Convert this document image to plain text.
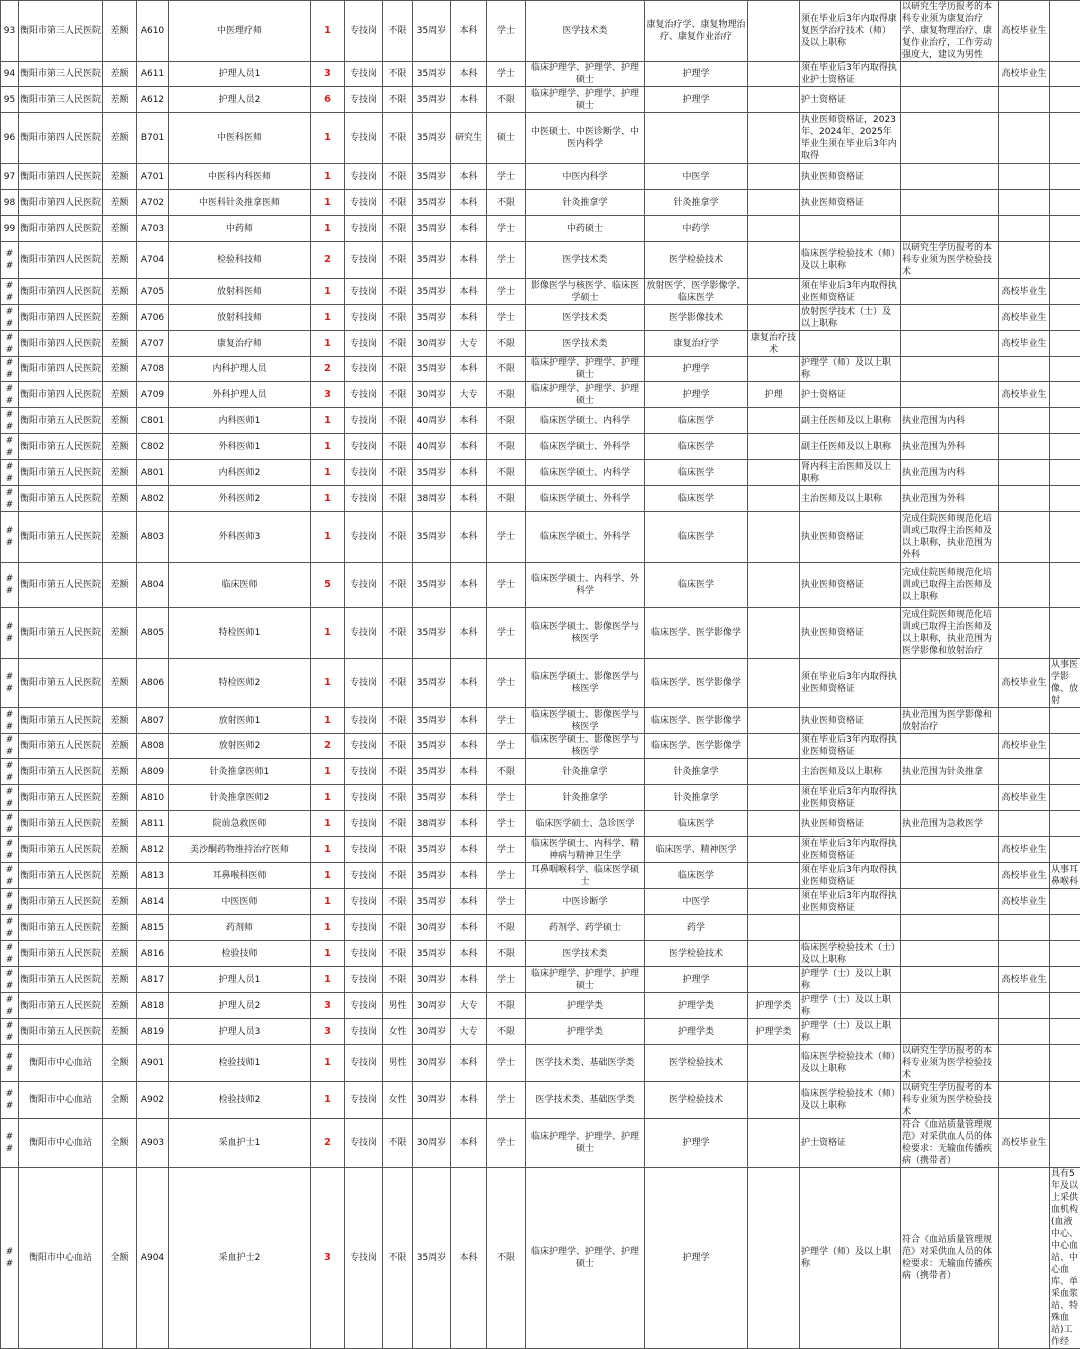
93	衡阳市第三人民医院	差额	A610	中医理疗师	1	专技岗	不限	35周岁	本科	学士	医学技术类	康复治疗学、康复物理治疗、康复作业治疗		须在毕业后3年内取得康复医学治疗技术（师）及以上职称	以研究生学历报考的本科专业须为康复治疗学、康复物理治疗、康复作业治疗，工作劳动强度大，建议为男性	高校毕业生	
94	衡阳市第三人民医院	差额	A611	护理人员1	3	专技岗	不限	35周岁	本科	学士	临床护理学、护理学、护理硕士	护理学		须在毕业后3年内取得执业护士资格证		高校毕业生	
95	衡阳市第三人民医院	差额	A612	护理人员2	6	专技岗	不限	35周岁	本科	不限	临床护理学、护理学、护理硕士	护理学		护士资格证			
96	衡阳市第四人民医院	差额	B701	中医科医师	1	专技岗	不限	35周岁	研究生	硕士	中医硕士、中医诊断学、中医内科学			执业医师资格证，2023年、2024年、2025年毕业生须在毕业后3年内取得			
97	衡阳市第四人民医院	差额	A701	中医科内科医师	1	专技岗	不限	35周岁	本科	学士	中医内科学	中医学		执业医师资格证			
98	衡阳市第四人民医院	差额	A702	中医科针灸推拿医师	1	专技岗	不限	35周岁	本科	不限	针灸推拿学	针灸推拿学		执业医师资格证			
99	衡阳市第四人民医院	差额	A703	中药师	1	专技岗	不限	35周岁	本科	学士	中药硕士	中药学					
##	衡阳市第四人民医院	差额	A704	检验科技师	2	专技岗	不限	35周岁	本科	学士	医学技术类	医学检验技术		临床医学检验技术（师）及以上职称	以研究生学历报考的本科专业须为医学检验技术		
##	衡阳市第四人民医院	差额	A705	放射科医师	1	专技岗	不限	35周岁	本科	学士	影像医学与核医学、临床医学硕士	放射医学、医学影像学、临床医学		须在毕业后3年内取得执业医师资格证		高校毕业生	
##	衡阳市第四人民医院	差额	A706	放射科技师	1	专技岗	不限	35周岁	本科	学士	医学技术类	医学影像技术		放射医学技术（士）及以上职称		高校毕业生	
##	衡阳市第四人民医院	差额	A707	康复治疗师	1	专技岗	不限	30周岁	大专	不限	医学技术类	康复治疗学	康复治疗技术			高校毕业生	
##	衡阳市第四人民医院	差额	A708	内科护理人员	2	专技岗	不限	35周岁	本科	不限	临床护理学、护理学、护理硕士	护理学		护理学（师）及以上职称			
##	衡阳市第四人民医院	差额	A709	外科护理人员	3	专技岗	不限	30周岁	大专	不限	临床护理学、护理学、护理硕士	护理学	护理	护士资格证		高校毕业生	
##	衡阳市第五人民医院	差额	C801	内科医师1	1	专技岗	不限	40周岁	本科	不限	临床医学硕士、内科学	临床医学		副主任医师及以上职称	执业范围为内科		
##	衡阳市第五人民医院	差额	C802	外科医师1	1	专技岗	不限	40周岁	本科	不限	临床医学硕士、外科学	临床医学		副主任医师及以上职称	执业范围为外科		
##	衡阳市第五人民医院	差额	A801	内科医师2	1	专技岗	不限	35周岁	本科	不限	临床医学硕士、内科学	临床医学		肾内科主治医师及以上职称	执业范围为内科		
##	衡阳市第五人民医院	差额	A802	外科医师2	1	专技岗	不限	38周岁	本科	不限	临床医学硕士、外科学	临床医学		主治医师及以上职称	执业范围为外科		
##	衡阳市第五人民医院	差额	A803	外科医师3	1	专技岗	不限	35周岁	本科	学士	临床医学硕士、外科学	临床医学		执业医师资格证	完成住院医师规范化培训或已取得主治医师及以上职称，执业范围为外科		
##	衡阳市第五人民医院	差额	A804	临床医师	5	专技岗	不限	35周岁	本科	学士	临床医学硕士、内科学、外科学	临床医学		执业医师资格证	完成住院医师规范化培训或已取得主治医师及以上职称		
##	衡阳市第五人民医院	差额	A805	特检医师1	1	专技岗	不限	35周岁	本科	学士	临床医学硕士、影像医学与核医学	临床医学、医学影像学		执业医师资格证	完成住院医师规范化培训或已取得主治医师及以上职称，执业范围为医学影像和放射治疗		
##	衡阳市第五人民医院	差额	A806	特检医师2	1	专技岗	不限	35周岁	本科	学士	临床医学硕士、影像医学与核医学	临床医学、医学影像学		须在毕业后3年内取得执业医师资格证		高校毕业生	从事医学影像、放射
##	衡阳市第五人民医院	差额	A807	放射医师1	1	专技岗	不限	35周岁	本科	学士	临床医学硕士、影像医学与核医学	临床医学、医学影像学		执业医师资格证	执业范围为医学影像和放射治疗		
##	衡阳市第五人民医院	差额	A808	放射医师2	2	专技岗	不限	35周岁	本科	学士	临床医学硕士、影像医学与核医学	临床医学、医学影像学		须在毕业后3年内取得执业医师资格证		高校毕业生	
##	衡阳市第五人民医院	差额	A809	针灸推拿医师1	1	专技岗	不限	35周岁	本科	不限	针灸推拿学	针灸推拿学		主治医师及以上职称	执业范围为针灸推拿		
##	衡阳市第五人民医院	差额	A810	针灸推拿医师2	1	专技岗	不限	35周岁	本科	学士	针灸推拿学	针灸推拿学		须在毕业后3年内取得执业医师资格证		高校毕业生	
##	衡阳市第五人民医院	差额	A811	院前急救医师	1	专技岗	不限	38周岁	本科	学士	临床医学硕士、急诊医学	临床医学		执业医师资格证	执业范围为急救医学		
##	衡阳市第五人民医院	差额	A812	美沙酮药物维持治疗医师	1	专技岗	不限	35周岁	本科	学士	临床医学硕士、内科学、精神病与精神卫生学	临床医学、精神医学		须在毕业后3年内取得执业医师资格证		高校毕业生	
##	衡阳市第五人民医院	差额	A813	耳鼻喉科医师	1	专技岗	不限	35周岁	本科	学士	耳鼻咽喉科学、临床医学硕士	临床医学		须在毕业后3年内取得执业医师资格证		高校毕业生	从事耳鼻喉科
##	衡阳市第五人民医院	差额	A814	中医医师	1	专技岗	不限	35周岁	本科	学士	中医诊断学	中医学		须在毕业后3年内取得执业医师资格证		高校毕业生	
##	衡阳市第五人民医院	差额	A815	药剂师	1	专技岗	不限	30周岁	本科	不限	药剂学、药学硕士	药学					
##	衡阳市第五人民医院	差额	A816	检验技师	1	专技岗	不限	35周岁	本科	不限	医学技术类	医学检验技术		临床医学检验技术（士）及以上职称			
##	衡阳市第五人民医院	差额	A817	护理人员1	1	专技岗	不限	30周岁	本科	学士	临床护理学、护理学、护理硕士	护理学		护理学（士）及以上职称		高校毕业生	
##	衡阳市第五人民医院	差额	A818	护理人员2	3	专技岗	男性	30周岁	大专	不限	护理学类	护理学类	护理学类	护理学（士）及以上职称			
##	衡阳市第五人民医院	差额	A819	护理人员3	3	专技岗	女性	30周岁	大专	不限	护理学类	护理学类	护理学类	护理学（士）及以上职称			
##	衡阳市中心血站	全额	A901	检验技师1	1	专技岗	男性	30周岁	本科	学士	医学技术类、基础医学类	医学检验技术		临床医学检验技术（师）及以上职称	以研究生学历报考的本科专业须为医学检验技术		
##	衡阳市中心血站	全额	A902	检验技师2	1	专技岗	女性	30周岁	本科	学士	医学技术类、基础医学类	医学检验技术		临床医学检验技术（师）及以上职称	以研究生学历报考的本科专业须为医学检验技术		
##	衡阳市中心血站	全额	A903	采血护士1	2	专技岗	不限	30周岁	本科	学士	临床护理学、护理学、护理硕士	护理学		护士资格证	符合《血站质量管理规范》对采供血人员的体检要求：无输血传播疾病（携带者）	高校毕业生	
##	衡阳市中心血站	全额	A904	采血护士2	3	专技岗	不限	35周岁	本科	不限	临床护理学、护理学、护理硕士	护理学		护理学（师）及以上职称	符合《血站质量管理规范》对采供血人员的体检要求：无输血传播疾病（携带者）		具有5年及以上采供血机构(血液中心、中心血站、中心血库、单采血浆站、特殊血站)工作经
